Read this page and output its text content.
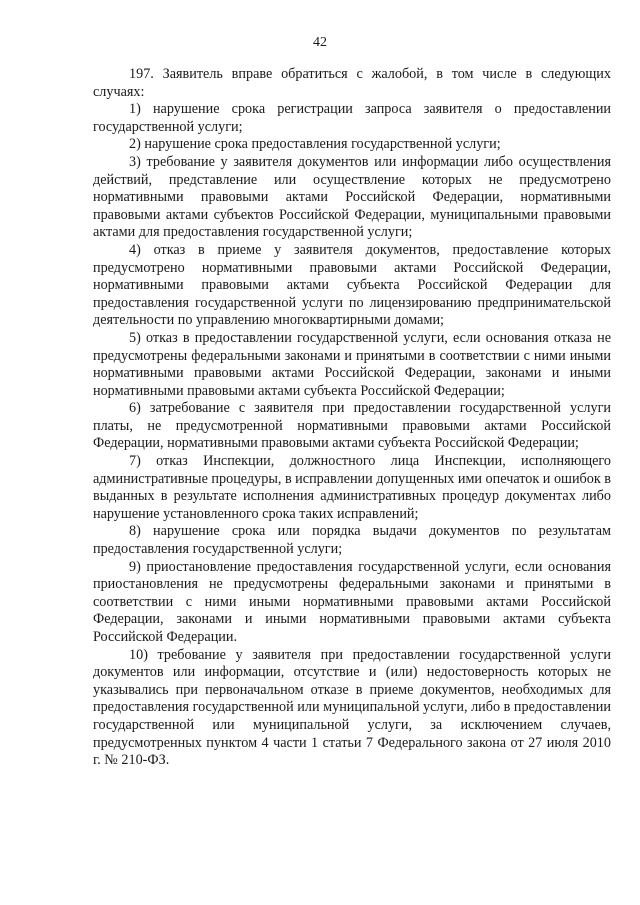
42

197. Заявитель вправе обратиться с жалобой, в том числе в следующих случаях:

1) нарушение срока регистрации запроса заявителя о предоставлении государственной услуги;

2) нарушение срока предоставления государственной услуги;

3) требование у заявителя документов или информации либо осуществления действий, представление или осуществление которых не предусмотрено нормативными правовыми актами Российской Федерации, нормативными правовыми актами субъектов Российской Федерации, муниципальными правовыми актами для предоставления государственной услуги;

4) отказ в приеме у заявителя документов, предоставление которых предусмотрено нормативными правовыми актами Российской Федерации, нормативными правовыми актами субъекта Российской Федерации для предоставления государственной услуги по лицензированию предпринимательской деятельности по управлению многоквартирными домами;

5) отказ в предоставлении государственной услуги, если основания отказа не предусмотрены федеральными законами и принятыми в соответствии с ними иными нормативными правовыми актами Российской Федерации, законами и иными нормативными правовыми актами субъекта Российской Федерации;

6) затребование с заявителя при предоставлении государственной услуги платы, не предусмотренной нормативными правовыми актами Российской Федерации, нормативными правовыми актами субъекта Российской Федерации;

7) отказ Инспекции, должностного лица Инспекции, исполняющего административные процедуры, в исправлении допущенных ими опечаток и ошибок в выданных в результате исполнения административных процедур документах либо нарушение установленного срока таких исправлений;

8) нарушение срока или порядка выдачи документов по результатам предоставления государственной услуги;

9) приостановление предоставления государственной услуги, если основания приостановления не предусмотрены федеральными законами и принятыми в соответствии с ними иными нормативными правовыми актами Российской Федерации, законами и иными нормативными правовыми актами субъекта Российской Федерации.

10) требование у заявителя при предоставлении государственной услуги документов или информации, отсутствие и (или) недостоверность которых не указывались при первоначальном отказе в приеме документов, необходимых для предоставления государственной или муниципальной услуги, либо в предоставлении государственной или муниципальной услуги, за исключением случаев, предусмотренных пунктом 4 части 1 статьи 7 Федерального закона от 27 июля 2010 г. № 210-ФЗ.
